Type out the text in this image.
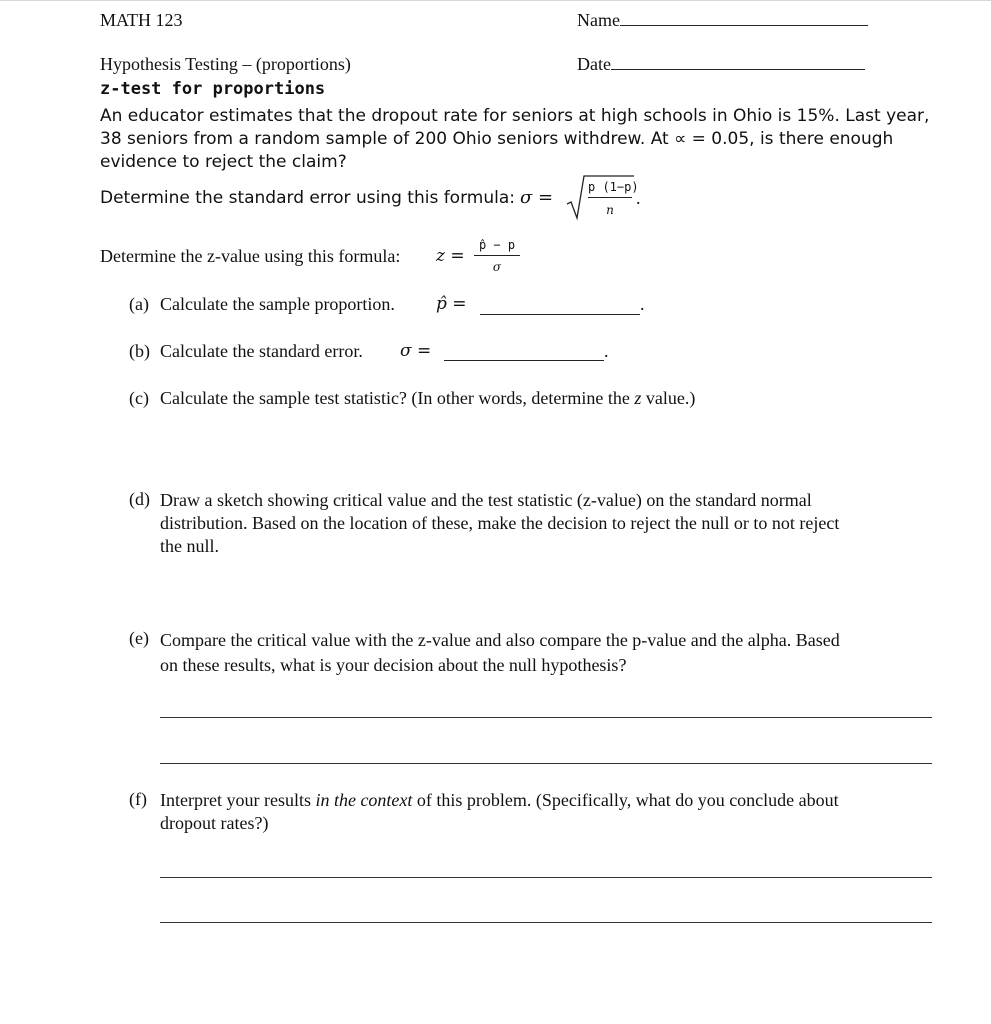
MATH 123	Name
Hypothesis Testing – (proportions)	Date
z-test for proportions
An educator estimates that the dropout rate for seniors at high schools in Ohio is 15%. Last year,
38 seniors from a random sample of 200 Ohio seniors withdrew. At ∝ = 0.05, is there enough
evidence to reject the claim?
Determine the standard error using this formula: σ =	p (1−p)
n
.
Determine the z-value using this formula: z =
p̂ − p
σ
(a) Calculate the sample proportion. p̂ =	.
(b) Calculate the standard error. σ =	.
(c) Calculate the sample test statistic? (In other words, determine the z value.)
(d) Draw a sketch showing critical value and the test statistic (z-value) on the standard normal
distribution. Based on the location of these, make the decision to reject the null or to not reject
the null.
(e) Compare the critical value with the z-value and also compare the p-value and the alpha. Based
on these results, what is your decision about the null hypothesis?
(f) Interpret your results in the context of this problem. (Specifically, what do you conclude about
dropout rates?)
